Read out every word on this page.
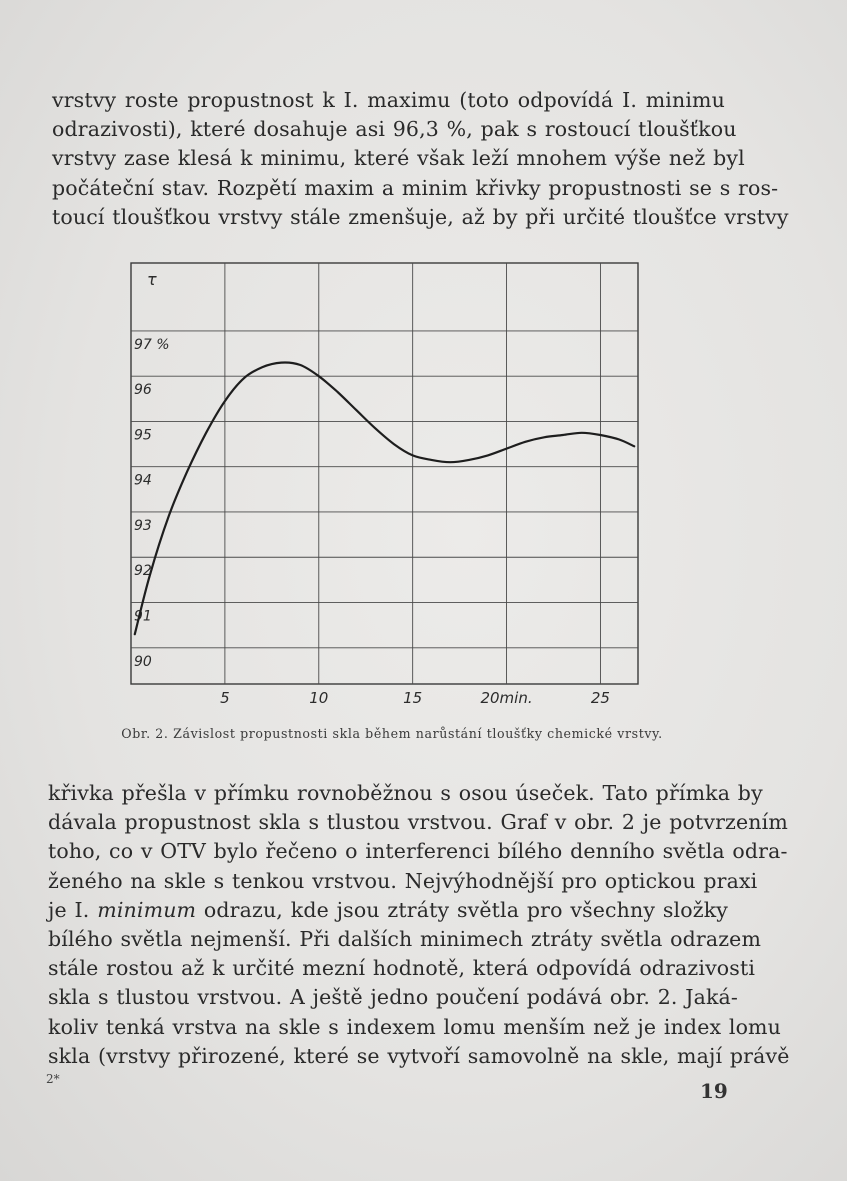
vrstvy roste propustnost k I. maximu (toto odpovídá I. minimu
odrazivosti), které dosahuje asi 96,3 %, pak s rostoucí tloušťkou
vrstvy zase klesá k minimu, které však leží mnohem výše než byl
počáteční stav. Rozpětí maxim a minim křivky propustnosti se s ros-
toucí tloušťkou vrstvy stále zmenšuje, až by při určité tloušťce vrstvy

5	10	15	20min.	25
97 %
96
95
94
93
92
91
90
τ

Obr. 2. Závislost propustnosti skla během narůstání tloušťky chemické vrstvy.

křivka přešla v přímku rovnoběžnou s osou úseček. Tato přímka by
dávala propustnost skla s tlustou vrstvou. Graf v obr. 2 je potvrzením
toho, co v OTV bylo řečeno o interferenci bílého denního světla odra-
ženého na skle s tenkou vrstvou. Nejvýhodnější pro optickou praxi
je I. minimum odrazu, kde jsou ztráty světla pro všechny složky
bílého světla nejmenší. Při dalších minimech ztráty světla odrazem
stále rostou až k určité mezní hodnotě, která odpovídá odrazivosti
skla s tlustou vrstvou. A ještě jedno poučení podává obr. 2. Jaká-
koliv tenká vrstva na skle s indexem lomu menším než je index lomu
skla (vrstvy přirozené, které se vytvoří samovolně na skle, mají právě

2*	19
